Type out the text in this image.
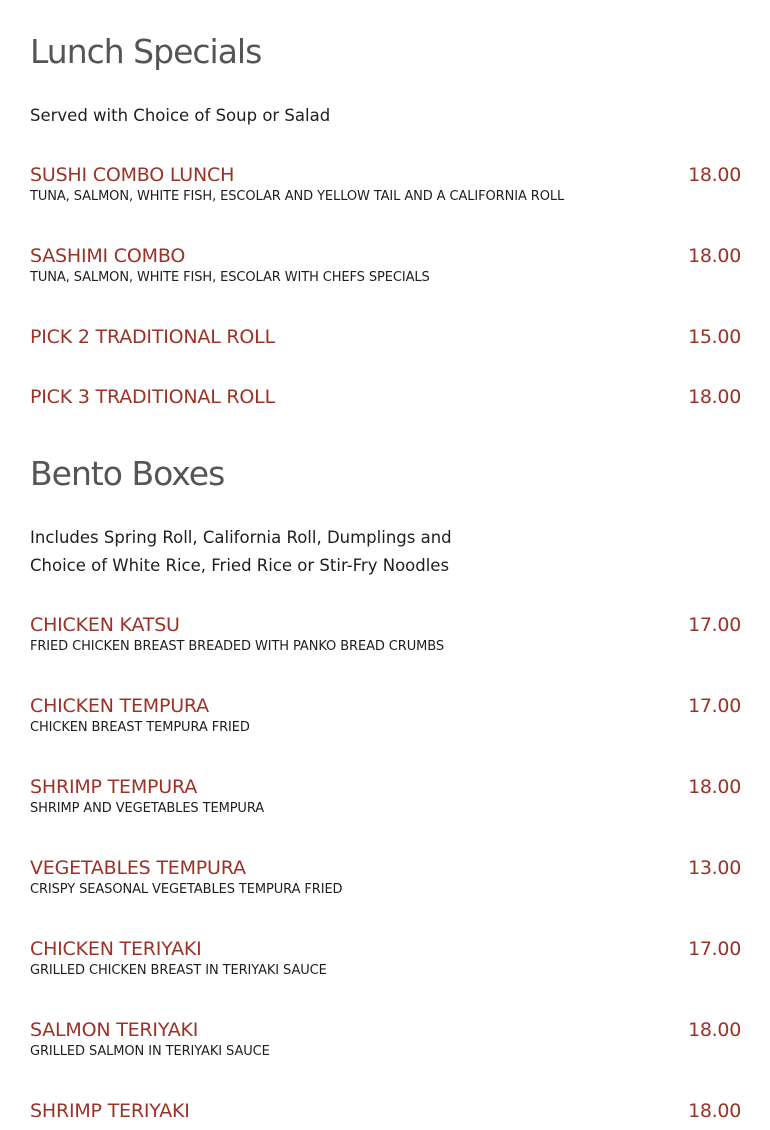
Lunch Specials

Served with Choice of Soup or Salad

SUSHI COMBO LUNCH	18.00
TUNA, SALMON, WHITE FISH, ESCOLAR AND YELLOW TAIL AND A CALIFORNIA ROLL
SASHIMI COMBO	18.00
TUNA, SALMON, WHITE FISH, ESCOLAR WITH CHEFS SPECIALS
PICK 2 TRADITIONAL ROLL	15.00
PICK 3 TRADITIONAL ROLL	18.00
Bento Boxes

Includes Spring Roll, California Roll, Dumplings and

Choice of White Rice, Fried Rice or Stir-Fry Noodles

CHICKEN KATSU	17.00
FRIED CHICKEN BREAST BREADED WITH PANKO BREAD CRUMBS
CHICKEN TEMPURA	17.00
CHICKEN BREAST TEMPURA FRIED
SHRIMP TEMPURA	18.00
SHRIMP AND VEGETABLES TEMPURA
VEGETABLES TEMPURA	13.00
CRISPY SEASONAL VEGETABLES TEMPURA FRIED
CHICKEN TERIYAKI	17.00
GRILLED CHICKEN BREAST IN TERIYAKI SAUCE
SALMON TERIYAKI	18.00
GRILLED SALMON IN TERIYAKI SAUCE
SHRIMP TERIYAKI	18.00
